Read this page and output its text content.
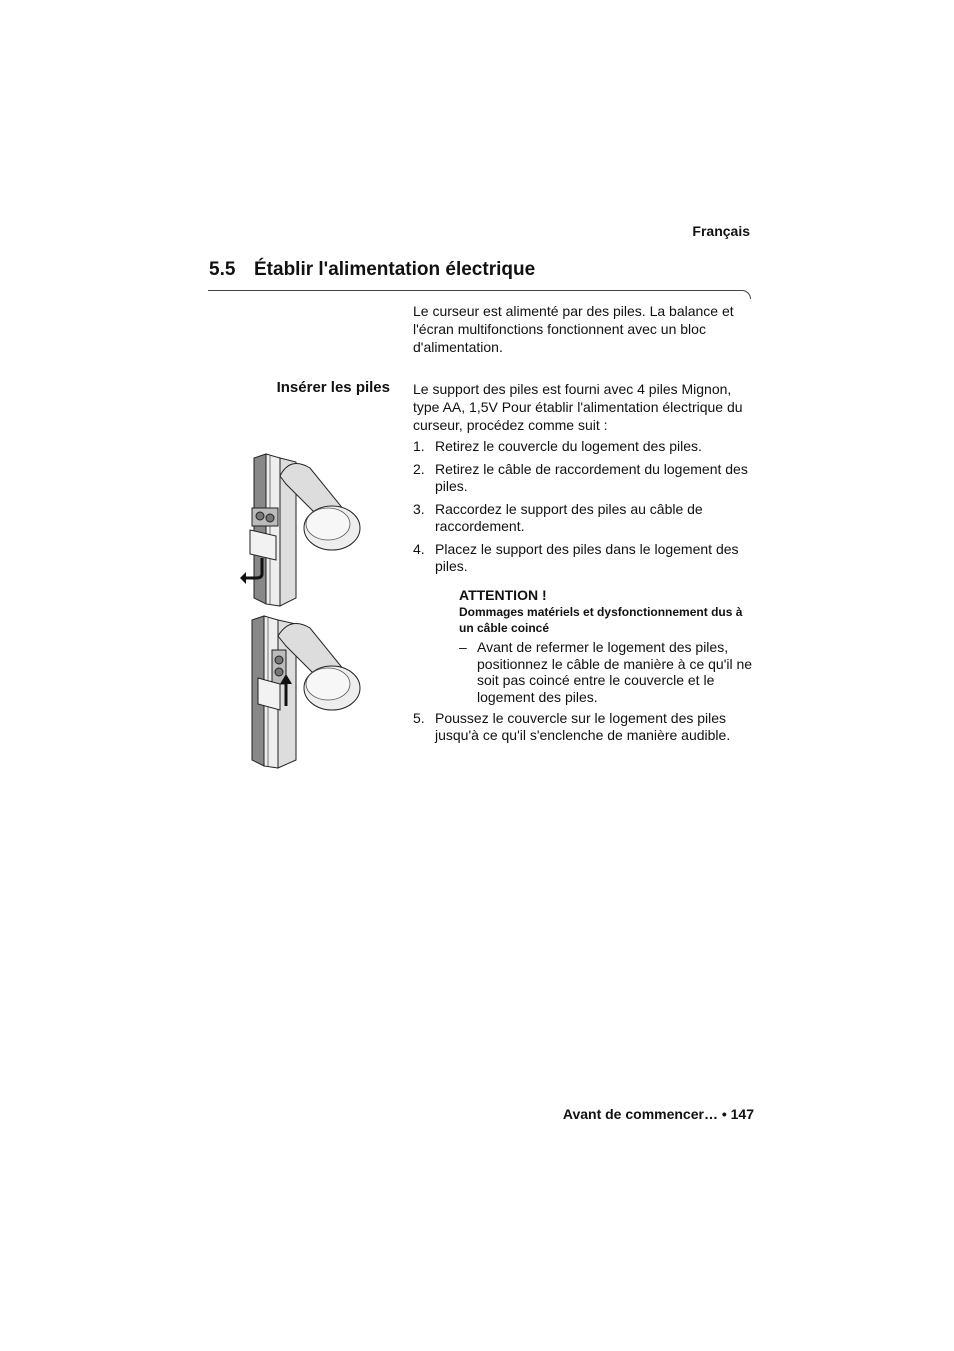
Français
5.5 Établir l'alimentation électrique

Le curseur est alimenté par des piles. La balance et l'écran multifonctions fonctionnent avec un bloc d'alimentation.

Insérer les piles Le support des piles est fourni avec 4 piles Mignon, type AA, 1,5V Pour établir l'alimentation électrique du curseur, procédez comme suit :

1. Retirez le couvercle du logement des piles.
2. Retirez le câble de raccordement du logement des piles.
3. Raccordez le support des piles au câble de raccordement.
4. Placez le support des piles dans le logement des piles.
ATTENTION !
Dommages matériels et dysfonctionnement dus à un câble coincé
– Avant de refermer le logement des piles, positionnez le câble de manière à ce qu'il ne soit pas coincé entre le couvercle et le logement des piles.
5. Poussez le couvercle sur le logement des piles jusqu'à ce qu'il s'enclenche de manière audible.
Avant de commencer… • 147
